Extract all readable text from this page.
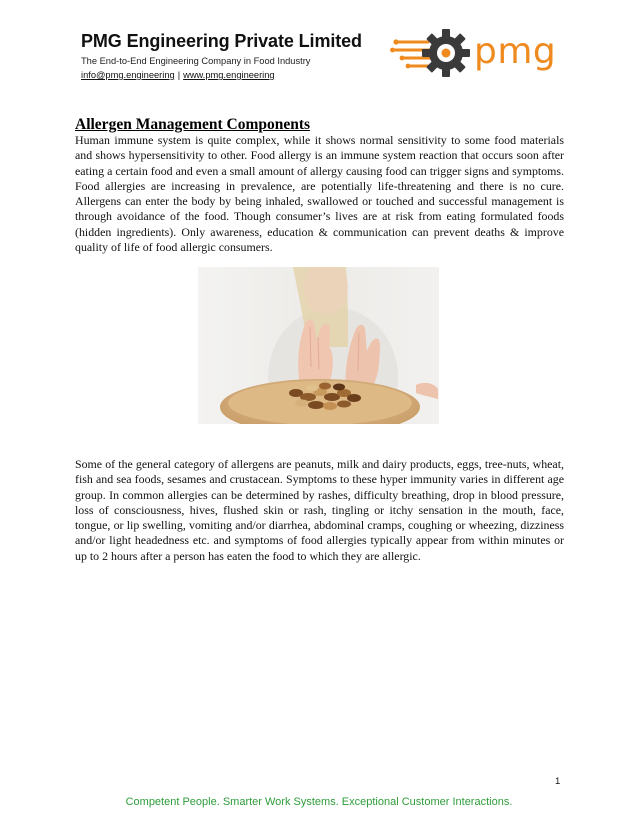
PMG Engineering Private Limited
The End-to-End Engineering Company in Food Industry
info@pmg.engineering | www.pmg.engineering
pmg
Allergen Management Components

Human immune system is quite complex, while it shows normal sensitivity to some food materials and shows hypersensitivity to other. Food allergy is an immune system reaction that occurs soon after eating a certain food and even a small amount of allergy causing food can trigger signs and symptoms. Food allergies are increasing in prevalence, are potentially life-threatening and there is no cure. Allergens can enter the body by being inhaled, swallowed or touched and successful management is through avoidance of the food. Though consumer’s lives are at risk from eating formulated foods (hidden ingredients). Only awareness, education & communication can prevent deaths & improve quality of life of food allergic consumers.

Some of the general category of allergens are peanuts, milk and dairy products, eggs, tree-nuts, wheat, fish and sea foods, sesames and crustacean. Symptoms to these hyper immunity varies in different age group. In common allergies can be determined by rashes, difficulty breathing, drop in blood pressure, loss of consciousness, hives, flushed skin or rash, tingling or itchy sensation in the mouth, face, tongue, or lip swelling, vomiting and/or diarrhea, abdominal cramps, coughing or wheezing, dizziness and/or light headedness etc. and symptoms of food allergies typically appear from within minutes or up to 2 hours after a person has eaten the food to which they are allergic.

1
Competent People. Smarter Work Systems. Exceptional Customer Interactions.
